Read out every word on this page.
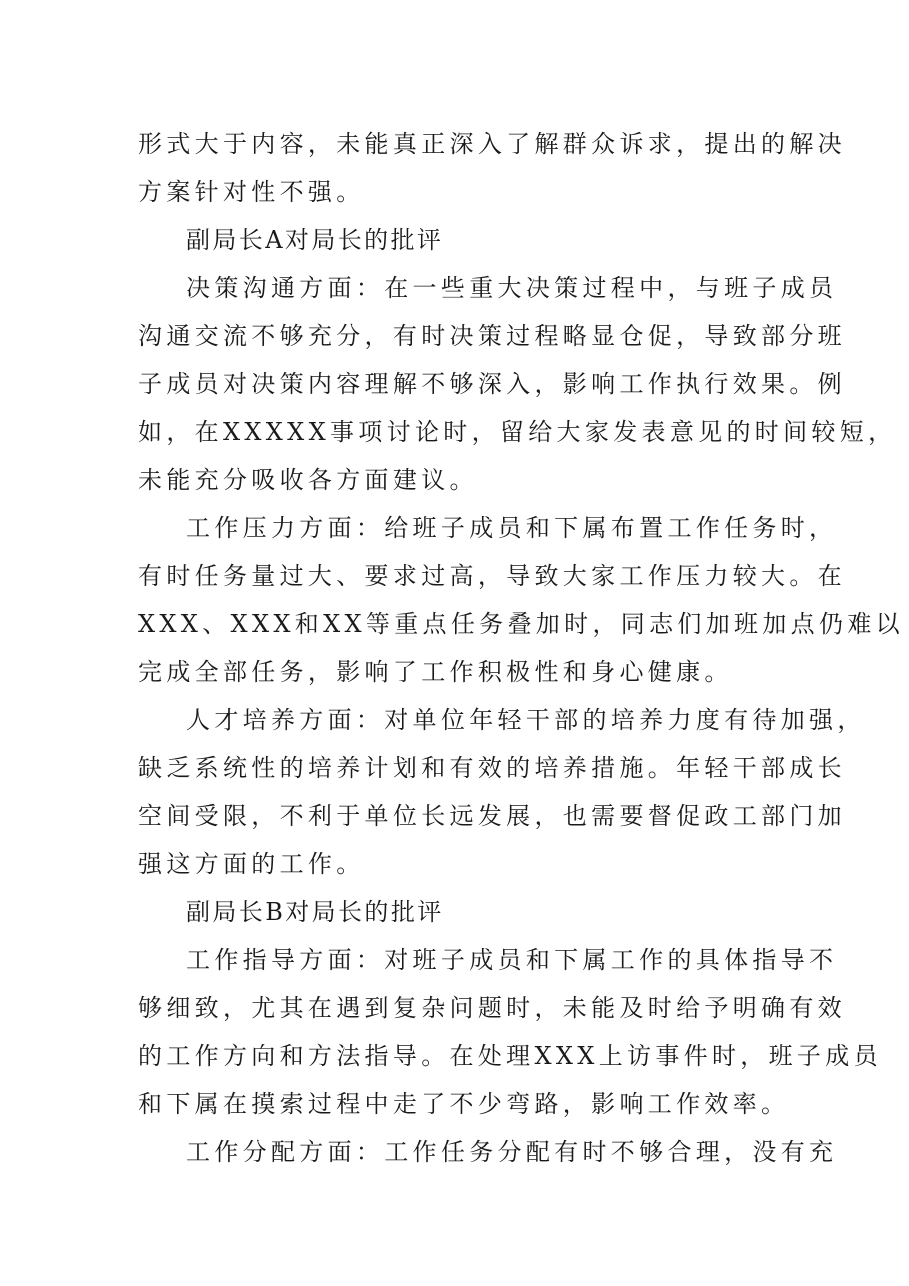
形式大于内容，未能真正深入了解群众诉求，提出的解决
方案针对性不强。
副局长A对局长的批评
决策沟通方面：在一些重大决策过程中，与班子成员
沟通交流不够充分，有时决策过程略显仓促，导致部分班
子成员对决策内容理解不够深入，影响工作执行效果。例
如，在XXXXX事项讨论时，留给大家发表意见的时间较短，
未能充分吸收各方面建议。
工作压力方面：给班子成员和下属布置工作任务时，
有时任务量过大、要求过高，导致大家工作压力较大。在
XXX、XXX和XX等重点任务叠加时，同志们加班加点仍难以
完成全部任务，影响了工作积极性和身心健康。
人才培养方面：对单位年轻干部的培养力度有待加强，
缺乏系统性的培养计划和有效的培养措施。年轻干部成长
空间受限，不利于单位长远发展，也需要督促政工部门加
强这方面的工作。
副局长B对局长的批评
工作指导方面：对班子成员和下属工作的具体指导不
够细致，尤其在遇到复杂问题时，未能及时给予明确有效
的工作方向和方法指导。在处理XXX上访事件时，班子成员
和下属在摸索过程中走了不少弯路，影响工作效率。
工作分配方面：工作任务分配有时不够合理，没有充
